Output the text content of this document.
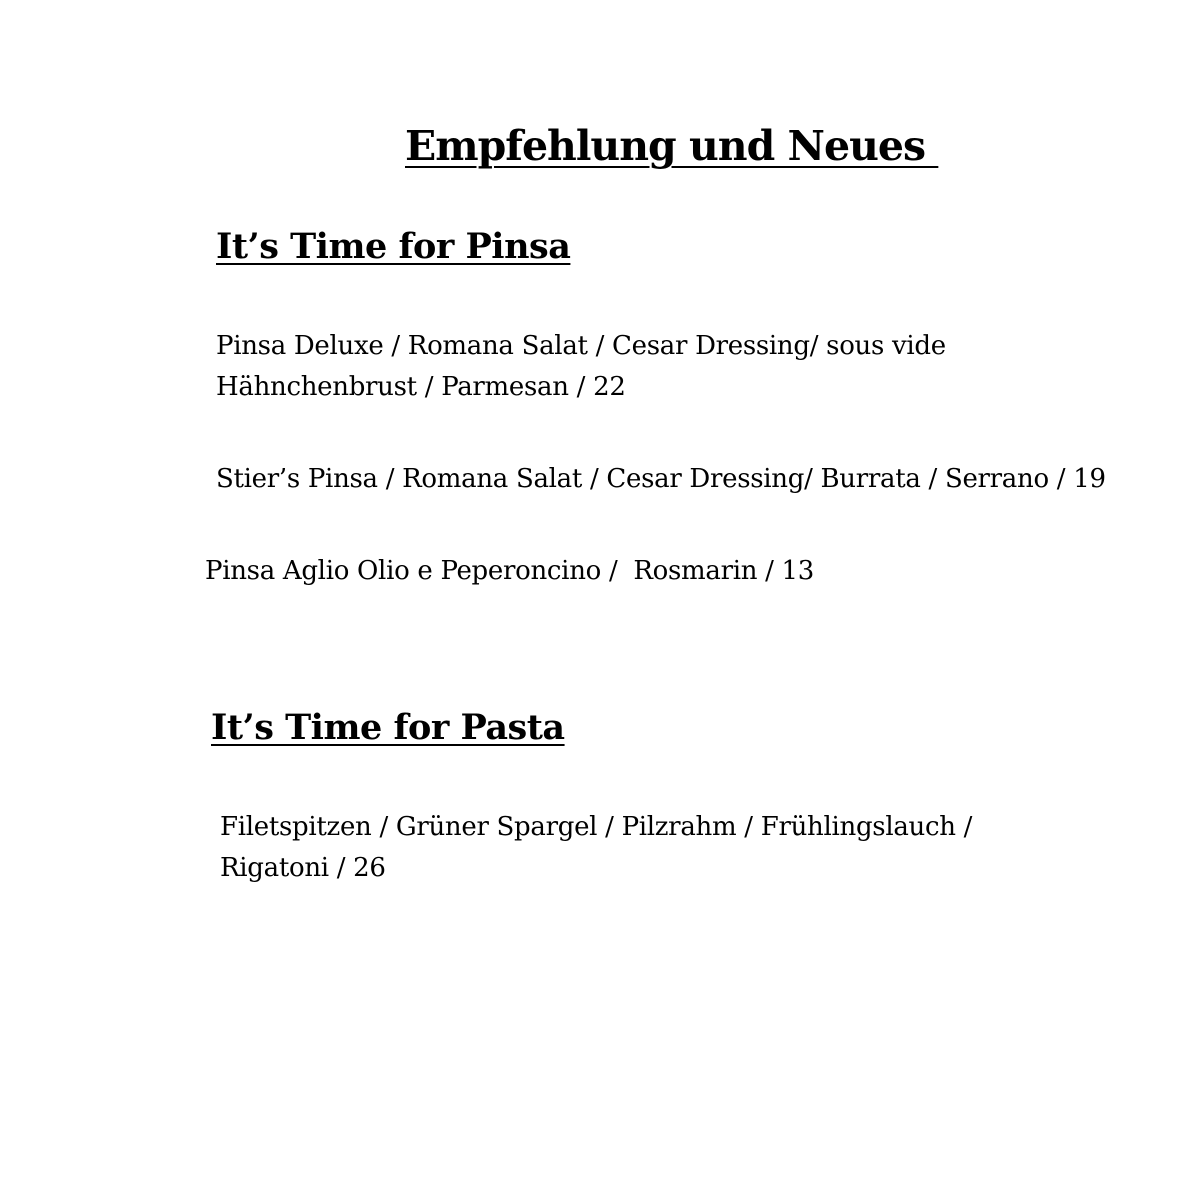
Empfehlung und Neues
It’s Time for Pinsa
Pinsa Deluxe / Romana Salat / Cesar Dressing/ sous vide
Hähnchenbrust / Parmesan / 22
Stier’s Pinsa / Romana Salat / Cesar Dressing/ Burrata / Serrano / 19
Pinsa Aglio Olio e Peperoncino /  Rosmarin / 13
It’s Time for Pasta
Filetspitzen / Grüner Spargel / Pilzrahm / Frühlingslauch /
Rigatoni / 26
